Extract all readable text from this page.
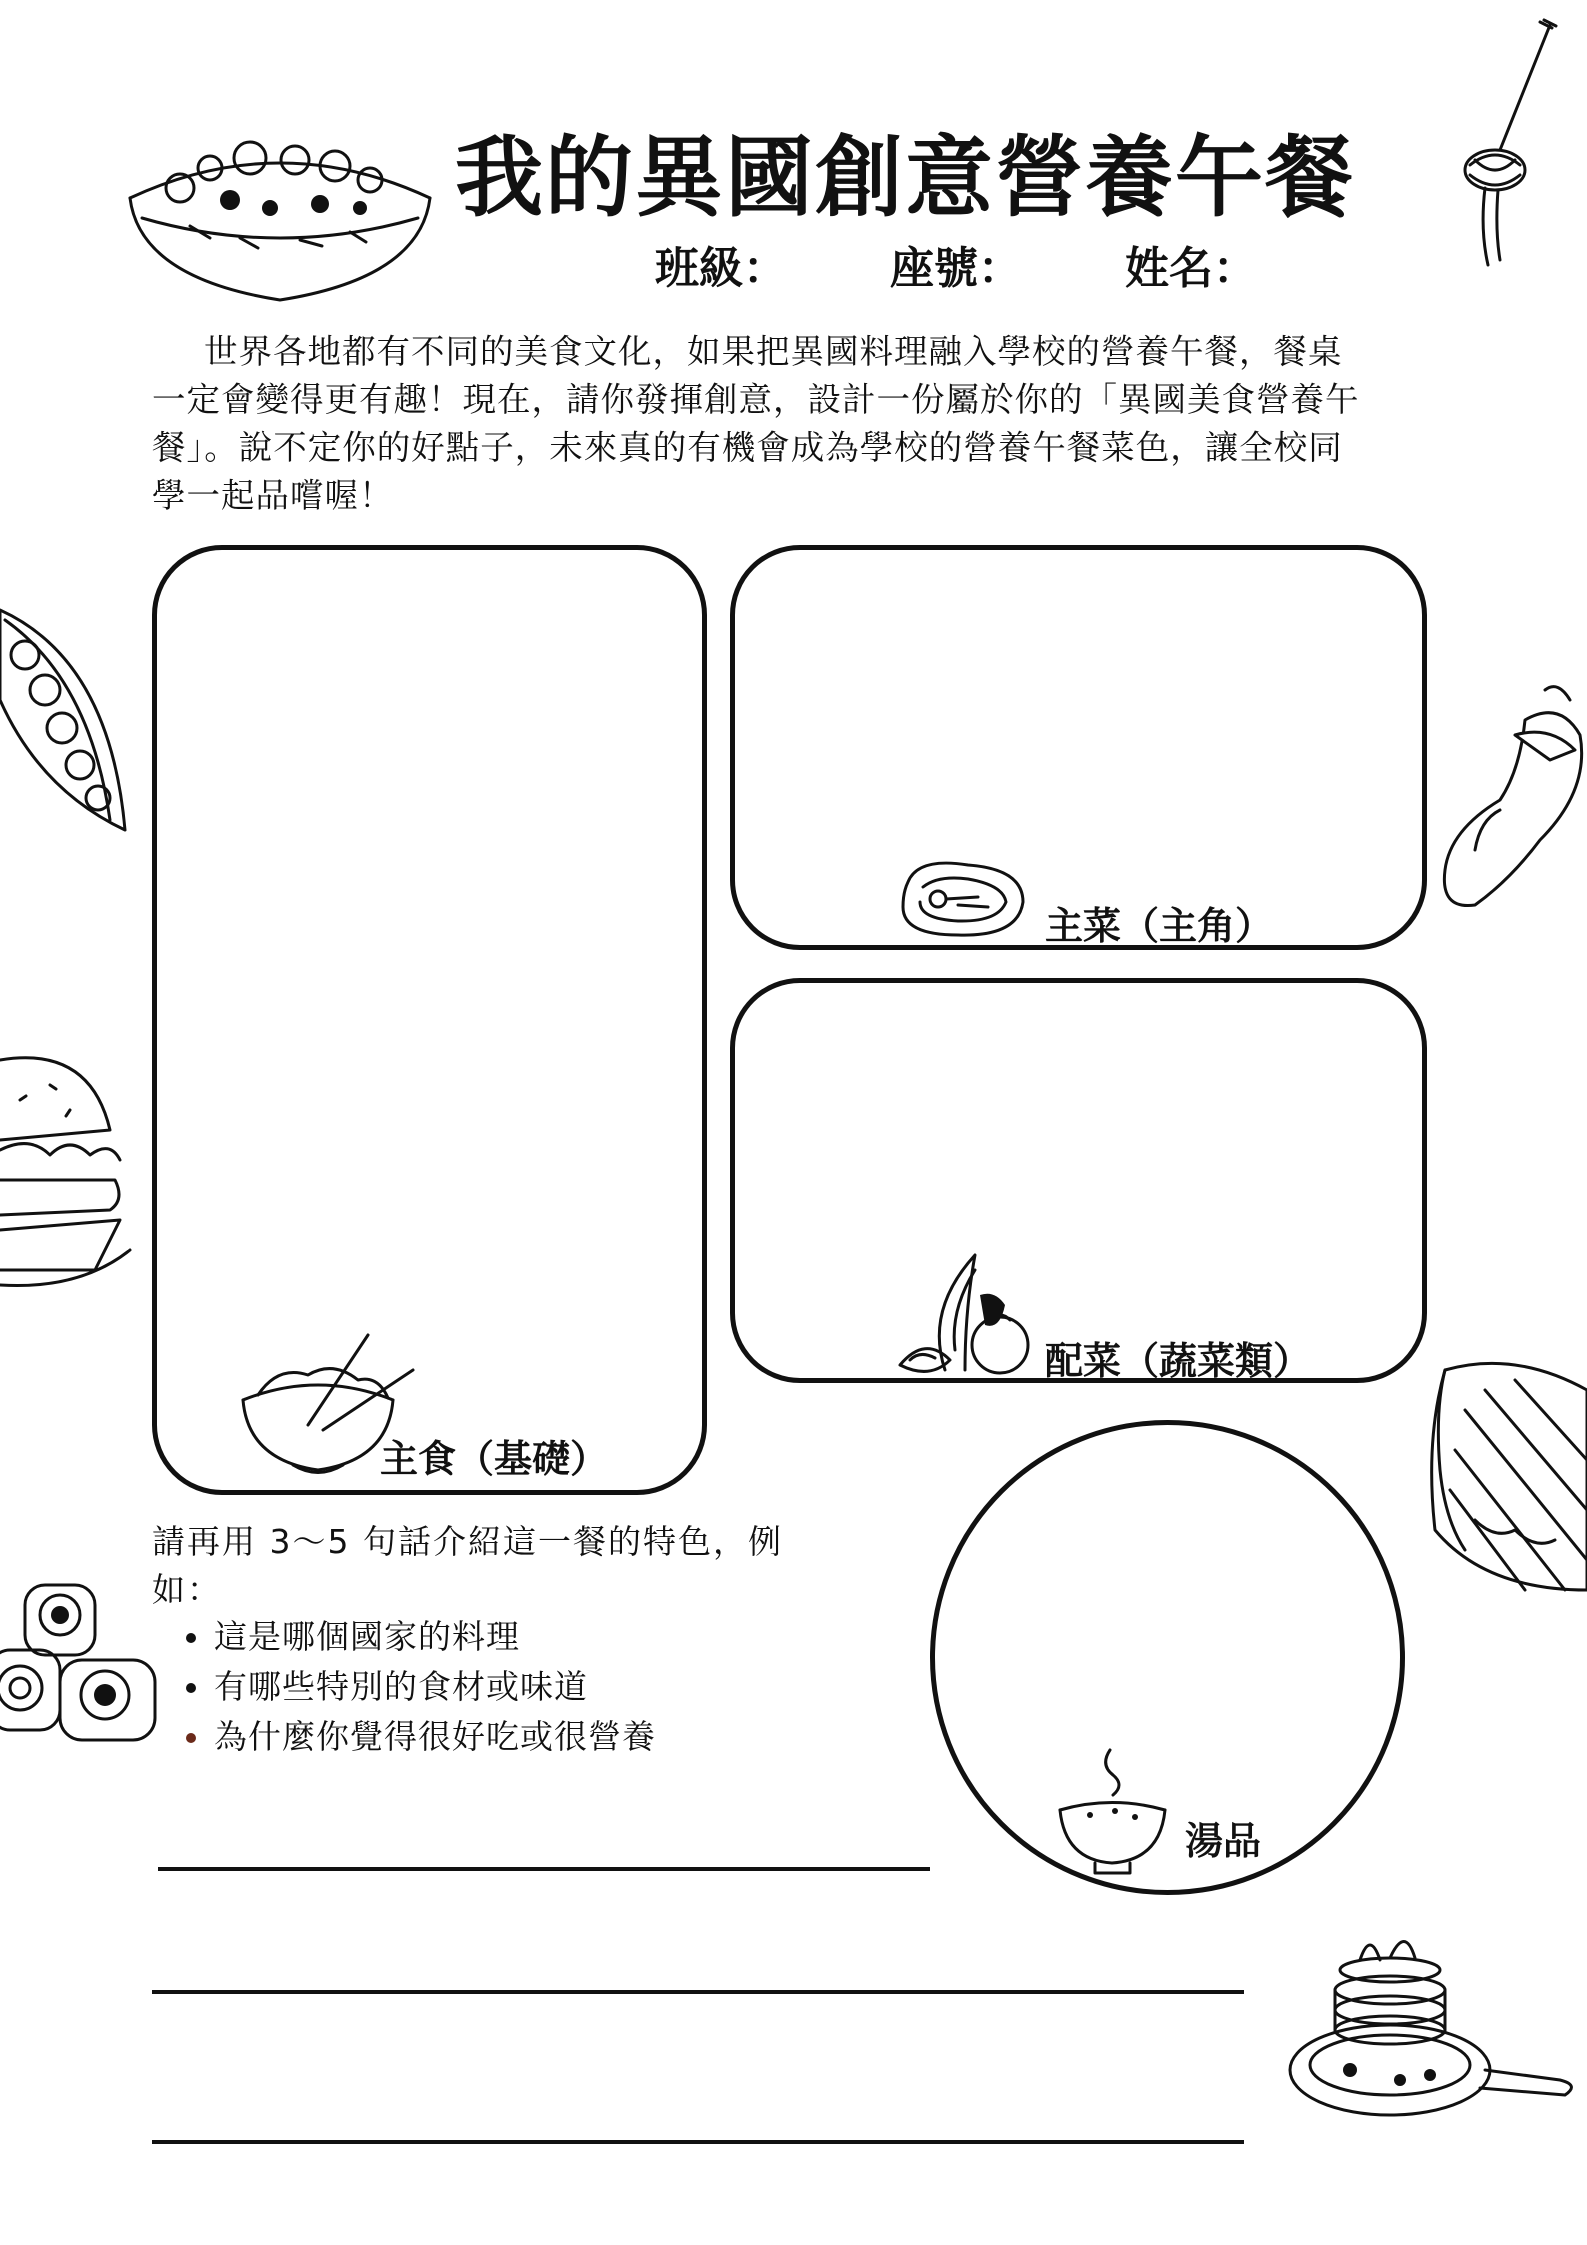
我的異國創意營養午餐
班級： 座號： 姓名：
世界各地都有不同的美食文化，如果把異國料理融入學校的營養午餐，餐桌
一定會變得更有趣！現在，請你發揮創意，設計一份屬於你的「異國美食營養午
餐」。說不定你的好點子，未來真的有機會成為學校的營養午餐菜色，讓全校同
學一起品嚐喔！
主食（基礎）
主菜（主角）
配菜（蔬菜類）
湯品
請再用 3～5 句話介紹這一餐的特色，例
如：
這是哪個國家的料理
有哪些特別的食材或味道
為什麼你覺得很好吃或很營養
